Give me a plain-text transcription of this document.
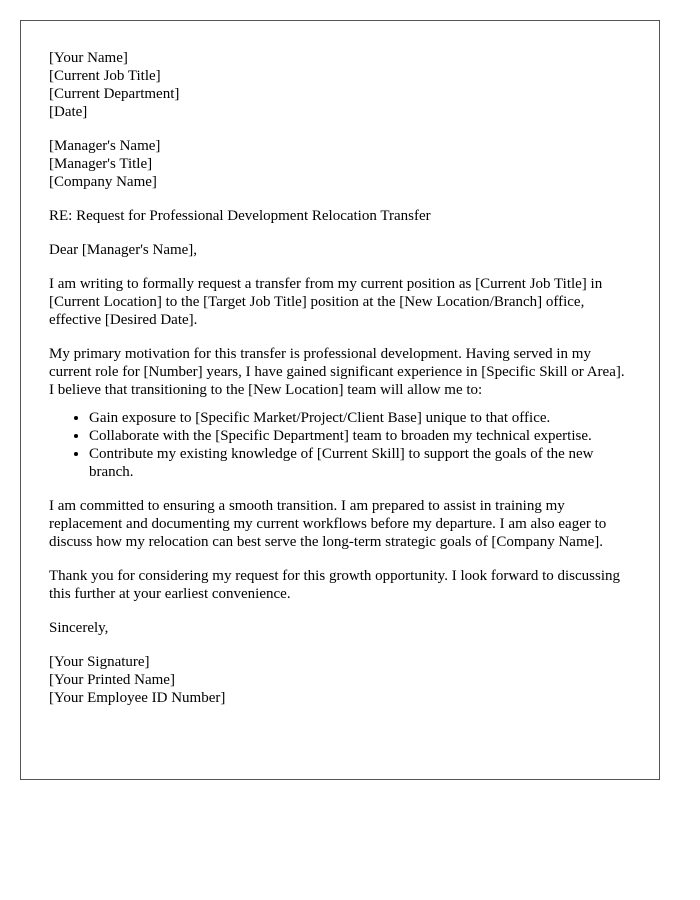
[Your Name]
[Current Job Title]
[Current Department]
[Date]
[Manager's Name]
[Manager's Title]
[Company Name]

RE: Request for Professional Development Relocation Transfer

Dear [Manager's Name],

I am writing to formally request a transfer from my current position as [Current Job Title] in [Current Location] to the [Target Job Title] position at the [New Location/Branch] office, effective [Desired Date].

My primary motivation for this transfer is professional development. Having served in my current role for [Number] years, I have gained significant experience in [Specific Skill or Area]. I believe that transitioning to the [New Location] team will allow me to:

• Gain exposure to [Specific Market/Project/Client Base] unique to that office.
• Collaborate with the [Specific Department] team to broaden my technical expertise.
• Contribute my existing knowledge of [Current Skill] to support the goals of the new branch.

I am committed to ensuring a smooth transition. I am prepared to assist in training my replacement and documenting my current workflows before my departure. I am also eager to discuss how my relocation can best serve the long-term strategic goals of [Company Name].

Thank you for considering my request for this growth opportunity. I look forward to discussing this further at your earliest convenience.

Sincerely,

[Your Signature]
[Your Printed Name]
[Your Employee ID Number]
